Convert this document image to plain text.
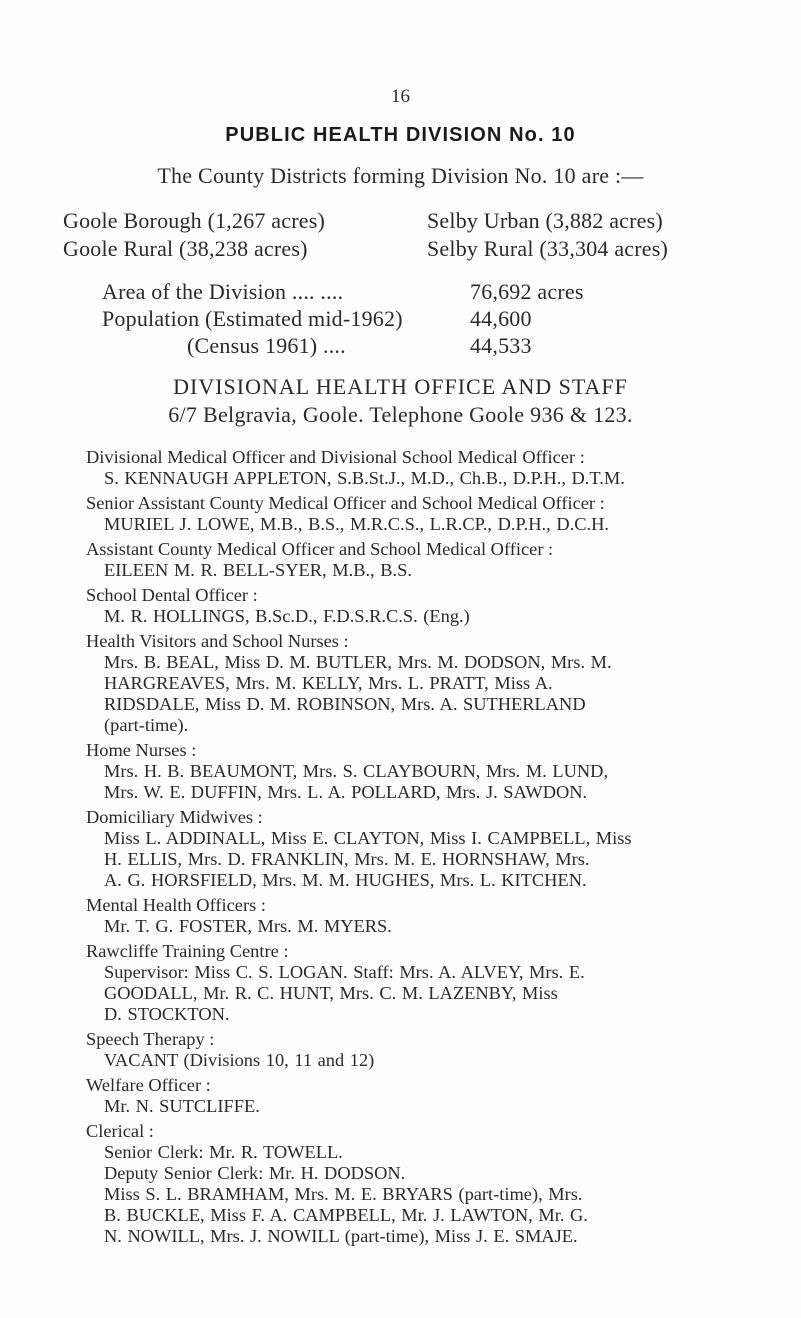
16
PUBLIC HEALTH DIVISION No. 10
The County Districts forming Division No. 10 are :—
Goole Borough (1,267 acres)	Selby Urban (3,882 acres)
Goole Rural (38,238 acres)	Selby Rural (33,304 acres)
Area of the Division .... ....	76,692 acres
Population (Estimated mid-1962)	44,600
(Census 1961) ....	44,533
DIVISIONAL HEALTH OFFICE AND STAFF
6/7 Belgravia, Goole. Telephone Goole 936 & 123.
Divisional Medical Officer and Divisional School Medical Officer :
S. KENNAUGH APPLETON, S.B.St.J., M.D., Ch.B., D.P.H., D.T.M.
Senior Assistant County Medical Officer and School Medical Officer :
MURIEL J. LOWE, M.B., B.S., M.R.C.S., L.R.CP., D.P.H., D.C.H.
Assistant County Medical Officer and School Medical Officer :
EILEEN M. R. BELL-SYER, M.B., B.S.
School Dental Officer :
M. R. HOLLINGS, B.Sc.D., F.D.S.R.C.S. (Eng.)
Health Visitors and School Nurses :
Mrs. B. BEAL, Miss D. M. BUTLER, Mrs. M. DODSON, Mrs. M.
HARGREAVES, Mrs. M. KELLY, Mrs. L. PRATT, Miss A.
RIDSDALE, Miss D. M. ROBINSON, Mrs. A. SUTHERLAND
(part-time).
Home Nurses :
Mrs. H. B. BEAUMONT, Mrs. S. CLAYBOURN, Mrs. M. LUND,
Mrs. W. E. DUFFIN, Mrs. L. A. POLLARD, Mrs. J. SAWDON.
Domiciliary Midwives :
Miss L. ADDINALL, Miss E. CLAYTON, Miss I. CAMPBELL, Miss
H. ELLIS, Mrs. D. FRANKLIN, Mrs. M. E. HORNSHAW, Mrs.
A. G. HORSFIELD, Mrs. M. M. HUGHES, Mrs. L. KITCHEN.
Mental Health Officers :
Mr. T. G. FOSTER, Mrs. M. MYERS.
Rawcliffe Training Centre :
Supervisor: Miss C. S. LOGAN. Staff: Mrs. A. ALVEY, Mrs. E.
GOODALL, Mr. R. C. HUNT, Mrs. C. M. LAZENBY, Miss
D. STOCKTON.
Speech Therapy :
VACANT (Divisions 10, 11 and 12)
Welfare Officer :
Mr. N. SUTCLIFFE.
Clerical :
Senior Clerk: Mr. R. TOWELL.
Deputy Senior Clerk: Mr. H. DODSON.
Miss S. L. BRAMHAM, Mrs. M. E. BRYARS (part-time), Mrs.
B. BUCKLE, Miss F. A. CAMPBELL, Mr. J. LAWTON, Mr. G.
N. NOWILL, Mrs. J. NOWILL (part-time), Miss J. E. SMAJE.
